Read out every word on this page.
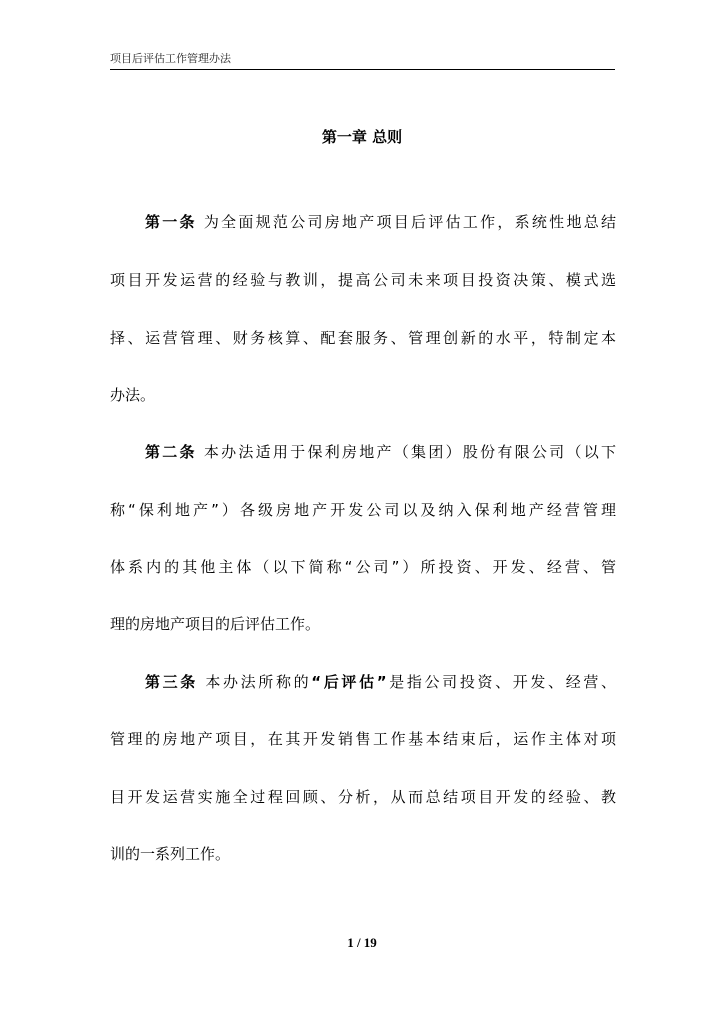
项目后评估工作管理办法
第一章 总则
第一条 为全面规范公司房地产项目后评估工作，系统性地总结
项目开发运营的经验与教训，提高公司未来项目投资决策、模式选
择、运营管理、财务核算、配套服务、管理创新的水平，特制定本
办法。
第二条 本办法适用于保利房地产（集团）股份有限公司（以下
称“保利地产”）各级房地产开发公司以及纳入保利地产经营管理
体系内的其他主体（以下简称“公司”）所投资、开发、经营、管
理的房地产项目的后评估工作。
第三条 本办法所称的“后评估”是指公司投资、开发、经营、
管理的房地产项目，在其开发销售工作基本结束后，运作主体对项
目开发运营实施全过程回顾、分析，从而总结项目开发的经验、教
训的一系列工作。
1 / 19
